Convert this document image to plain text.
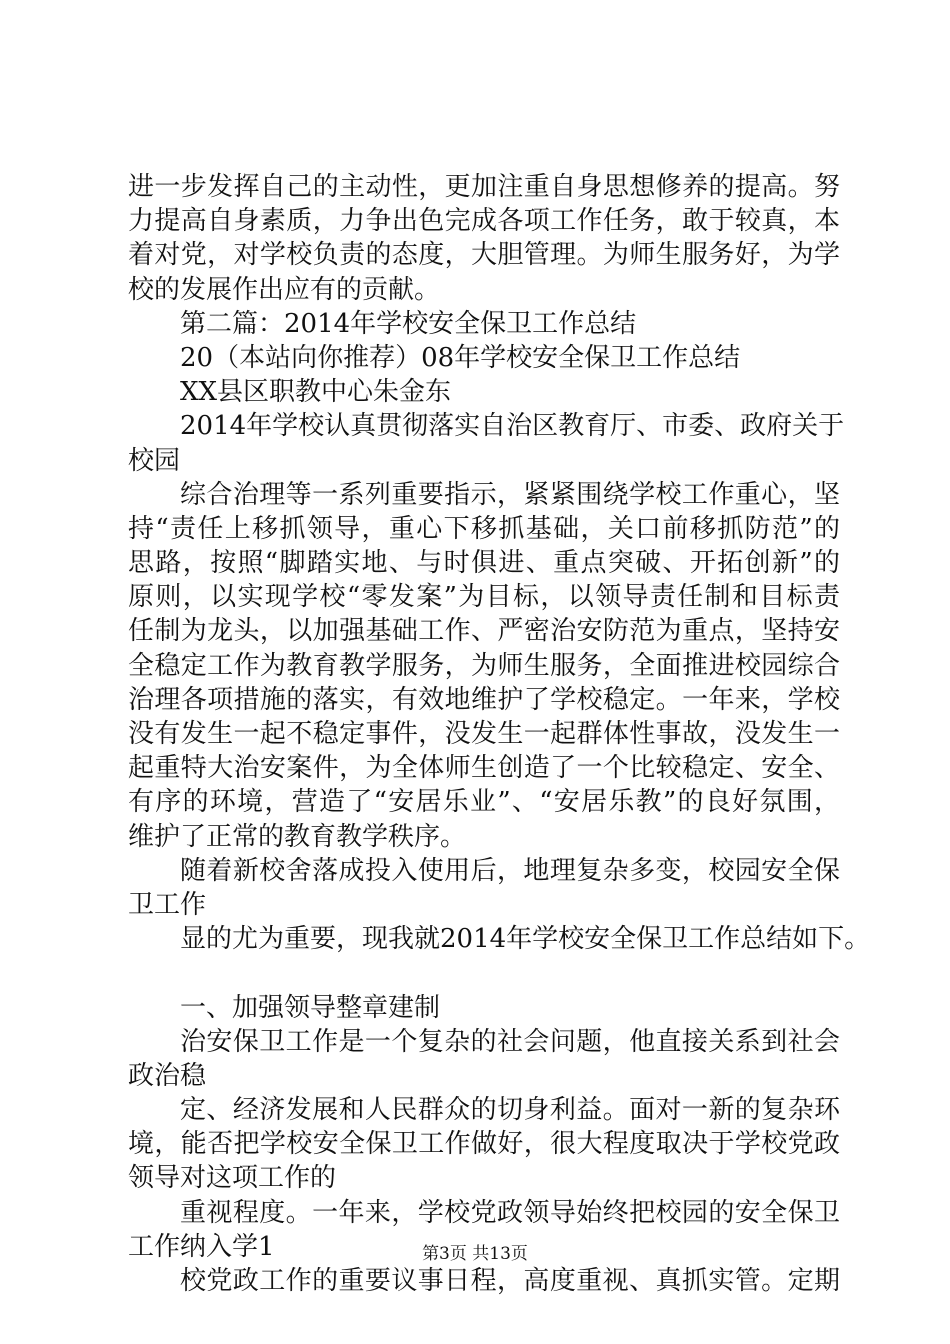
进一步发挥自己的主动性，更加注重自身思想修养的提高。努
力提高自身素质，力争出色完成各项工作任务，敢于较真，本
着对党，对学校负责的态度，大胆管理。为师生服务好，为学
校的发展作出应有的贡献。
第二篇：2014年学校安全保卫工作总结
20（本站向你推荐）08年学校安全保卫工作总结
XX县区职教中心朱金东
2014年学校认真贯彻落实自治区教育厅、市委、政府关于
校园
综合治理等一系列重要指示，紧紧围绕学校工作重心，坚
持“责任上移抓领导，重心下移抓基础，关口前移抓防范”的
思路，按照“脚踏实地、与时俱进、重点突破、开拓创新”的
原则，以实现学校“零发案”为目标，以领导责任制和目标责
任制为龙头，以加强基础工作、严密治安防范为重点，坚持安
全稳定工作为教育教学服务，为师生服务，全面推进校园综合
治理各项措施的落实，有效地维护了学校稳定。一年来，学校
没有发生一起不稳定事件，没发生一起群体性事故，没发生一
起重特大治安案件，为全体师生创造了一个比较稳定、安全、
有序的环境，营造了“安居乐业”、“安居乐教”的良好氛围，
维护了正常的教育教学秩序。
随着新校舍落成投入使用后，地理复杂多变，校园安全保
卫工作
显的尤为重要，现我就2014年学校安全保卫工作总结如下。
一、加强领导整章建制
治安保卫工作是一个复杂的社会问题，他直接关系到社会
政治稳
定、经济发展和人民群众的切身利益。面对一新的复杂环
境，能否把学校安全保卫工作做好，很大程度取决于学校党政
领导对这项工作的
重视程度。一年来，学校党政领导始终把校园的安全保卫
工作纳入学1
校党政工作的重要议事日程，高度重视、真抓实管。定期
第3页 共13页
